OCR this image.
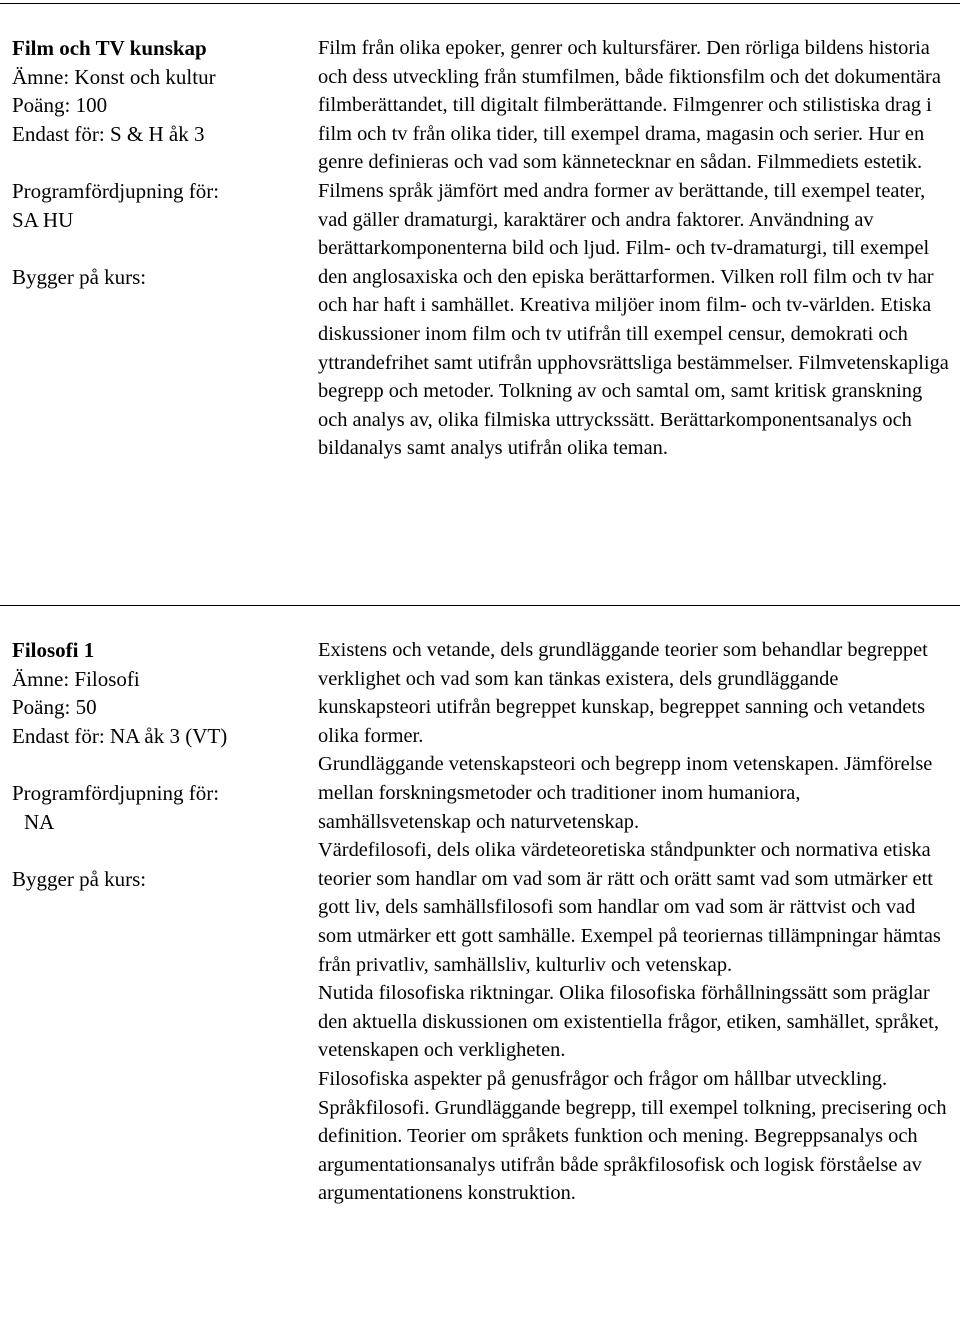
Film och TV kunskap
Ämne: Konst och kultur
Poäng: 100
Endast för: S & H åk 3
Programfördjupning för:
SA HU
Bygger på kurs:

Film från olika epoker, genrer och kultursfärer. Den rörliga bildens historia och dess utveckling från stumfilmen, både fiktionsfilm och det dokumentära filmberättandet, till digitalt filmberättande. Filmgenrer och stilistiska drag i film och tv från olika tider, till exempel drama, magasin och serier. Hur en genre definieras och vad som kännetecknar en sådan. Filmmediets estetik. Filmens språk jämfört med andra former av berättande, till exempel teater, vad gäller dramaturgi, karaktärer och andra faktorer. Användning av berättarkomponenterna bild och ljud. Film- och tv-dramaturgi, till exempel den anglosaxiska och den episka berättarformen. Vilken roll film och tv har och har haft i samhället. Kreativa miljöer inom film- och tv-världen. Etiska diskussioner inom film och tv utifrån till exempel censur, demokrati och yttrandefrihet samt utifrån upphovsrättsliga bestämmelser. Filmvetenskapliga begrepp och metoder. Tolkning av och samtal om, samt kritisk granskning och analys av, olika filmiska uttryckssätt. Berättarkomponentsanalys och bildanalys samt analys utifrån olika teman.

Filosofi 1
Ämne: Filosofi
Poäng: 50
Endast för: NA åk 3 (VT)
Programfördjupning för:
NA
Bygger på kurs:

Existens och vetande, dels grundläggande teorier som behandlar begreppet verklighet och vad som kan tänkas existera, dels grundläggande kunskapsteori utifrån begreppet kunskap, begreppet sanning och vetandets olika former.

Grundläggande vetenskapsteori och begrepp inom vetenskapen. Jämförelse mellan forskningsmetoder och traditioner inom humaniora, samhällsvetenskap och naturvetenskap.

Värdefilosofi, dels olika värdeteoretiska ståndpunkter och normativa etiska teorier som handlar om vad som är rätt och orätt samt vad som utmärker ett gott liv, dels samhällsfilosofi som handlar om vad som är rättvist och vad som utmärker ett gott samhälle. Exempel på teoriernas tillämpningar hämtas från privatliv, samhällsliv, kulturliv och vetenskap.

Nutida filosofiska riktningar. Olika filosofiska förhållningssätt som präglar den aktuella diskussionen om existentiella frågor, etiken, samhället, språket, vetenskapen och verkligheten.

Filosofiska aspekter på genusfrågor och frågor om hållbar utveckling.

Språkfilosofi. Grundläggande begrepp, till exempel tolkning, precisering och definition. Teorier om språkets funktion och mening. Begreppsanalys och argumentationsanalys utifrån både språkfilosofisk och logisk förståelse av argumentationens konstruktion.
